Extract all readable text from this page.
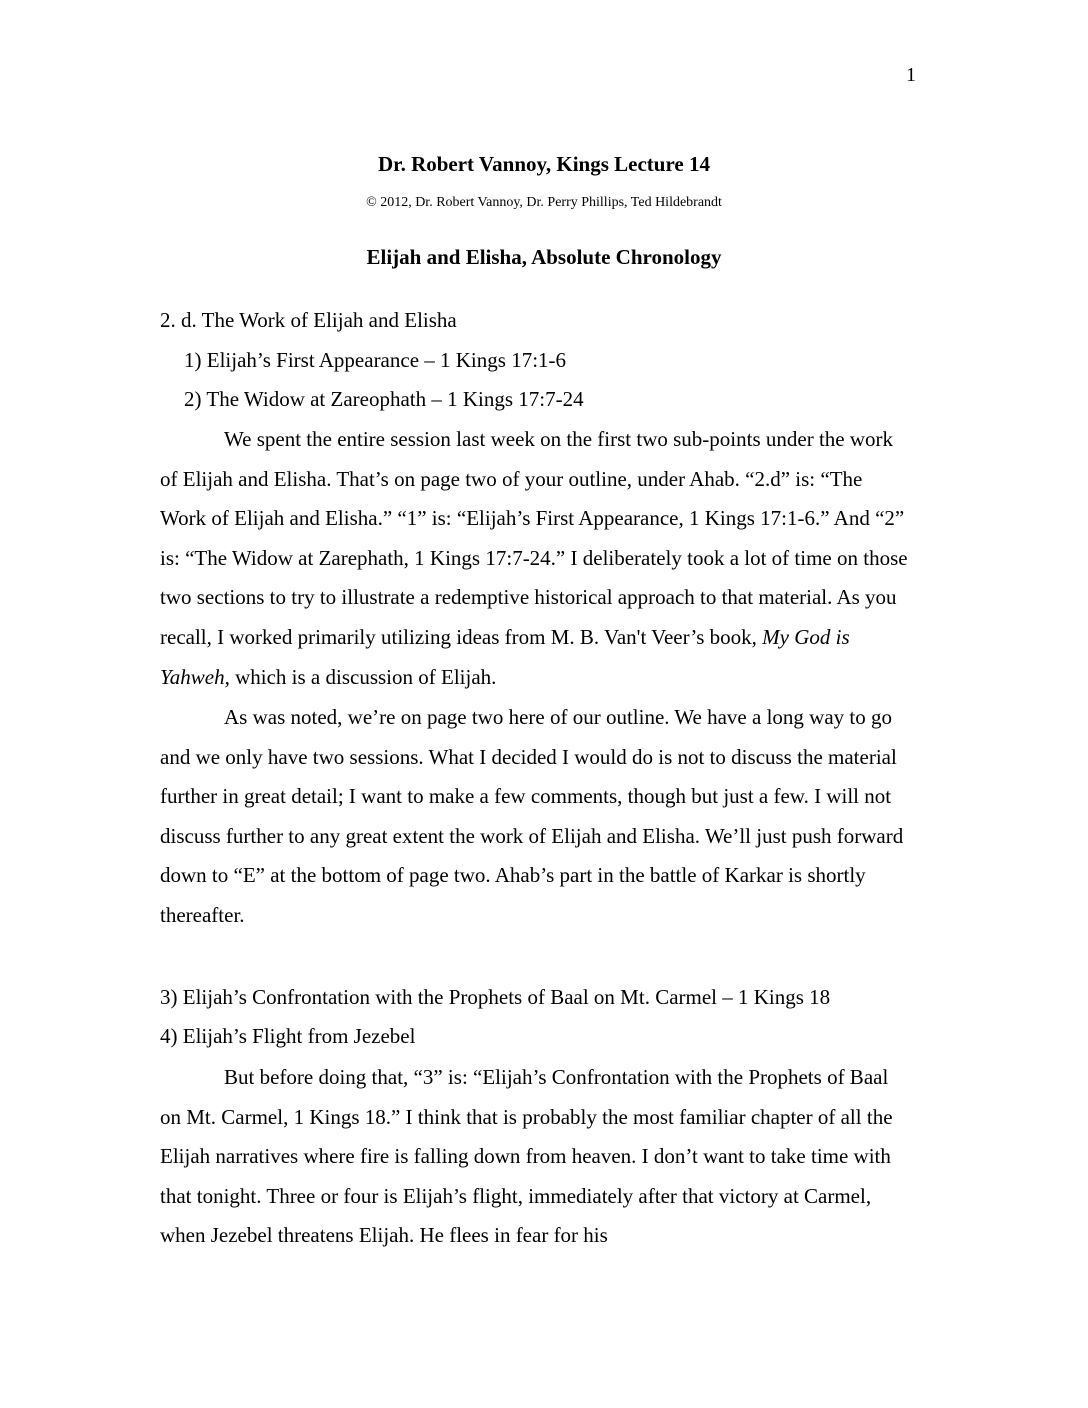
1
Dr. Robert Vannoy, Kings Lecture 14
© 2012, Dr. Robert Vannoy, Dr. Perry Phillips, Ted Hildebrandt
Elijah and Elisha, Absolute Chronology
2. d. The Work of Elijah and Elisha
1) Elijah’s First Appearance – 1 Kings 17:1-6
2) The Widow at Zareophath – 1 Kings 17:7-24

We spent the entire session last week on the first two sub-points under the work of Elijah and Elisha. That’s on page two of your outline, under Ahab. “2.d” is: “The Work of Elijah and Elisha.” “1” is: “Elijah’s First Appearance, 1 Kings 17:1-6.” And “2” is: “The Widow at Zarephath, 1 Kings 17:7-24.” I deliberately took a lot of time on those two sections to try to illustrate a redemptive historical approach to that material. As you recall, I worked primarily utilizing ideas from M. B. Van't Veer’s book, My God is Yahweh, which is a discussion of Elijah.

As was noted, we’re on page two here of our outline. We have a long way to go and we only have two sessions. What I decided I would do is not to discuss the material further in great detail; I want to make a few comments, though but just a few. I will not discuss further to any great extent the work of Elijah and Elisha. We’ll just push forward down to “E” at the bottom of page two. Ahab’s part in the battle of Karkar is shortly thereafter.

3) Elijah’s Confrontation with the Prophets of Baal on Mt. Carmel – 1 Kings 18
4) Elijah’s Flight from Jezebel

But before doing that, “3” is: “Elijah’s Confrontation with the Prophets of Baal on Mt. Carmel, 1 Kings 18.” I think that is probably the most familiar chapter of all the Elijah narratives where fire is falling down from heaven. I don’t want to take time with that tonight. Three or four is Elijah’s flight, immediately after that victory at Carmel, when Jezebel threatens Elijah. He flees in fear for his
